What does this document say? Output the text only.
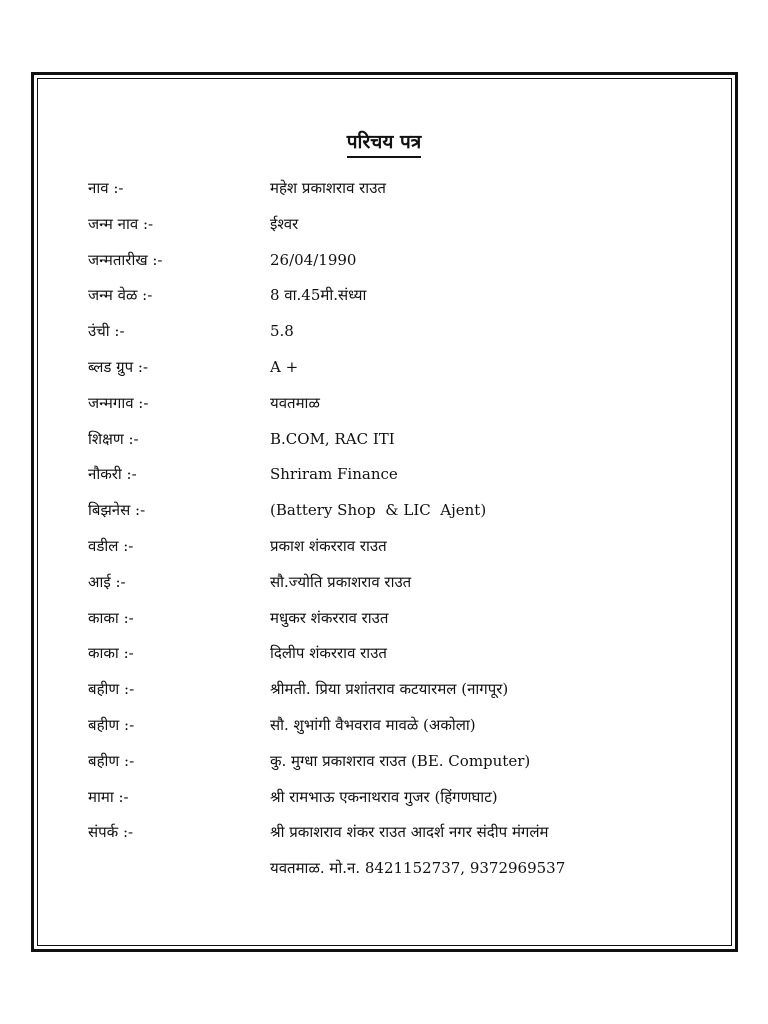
परिचय पत्र
नाव :-	महेश प्रकाशराव राउत
जन्म नाव :-	ईश्वर
जन्मतारीख :-	26/04/1990
जन्म वेळ :-	8 वा.45मी.संध्या
उंची :-	5.8
ब्लड ग्रुप :-	A +
जन्मगाव :-	यवतमाळ
शिक्षण :-	B.COM, RAC ITI
नौकरी :-	Shriram Finance
बिझनेस :-	(Battery Shop  & LIC  Ajent)
वडील :-	प्रकाश शंकरराव राउत
आई :-	सौ.ज्योति प्रकाशराव राउत
काका :-	मधुकर शंकरराव राउत
काका :-	दिलीप शंकरराव राउत
बहीण :-	श्रीमती. प्रिया प्रशांतराव कटयारमल (नागपूर)
बहीण :-	सौ. शुभांगी वैभवराव मावळे (अकोला)
बहीण :-	कु. मुग्धा प्रकाशराव राउत (BE. Computer)
मामा :-	श्री रामभाऊ एकनाथराव गुजर (हिंगणघाट)
संपर्क :-	श्री प्रकाशराव शंकर राउत आदर्श नगर संदीप मंगलंम
यवतमाळ. मो.न. 8421152737, 9372969537
